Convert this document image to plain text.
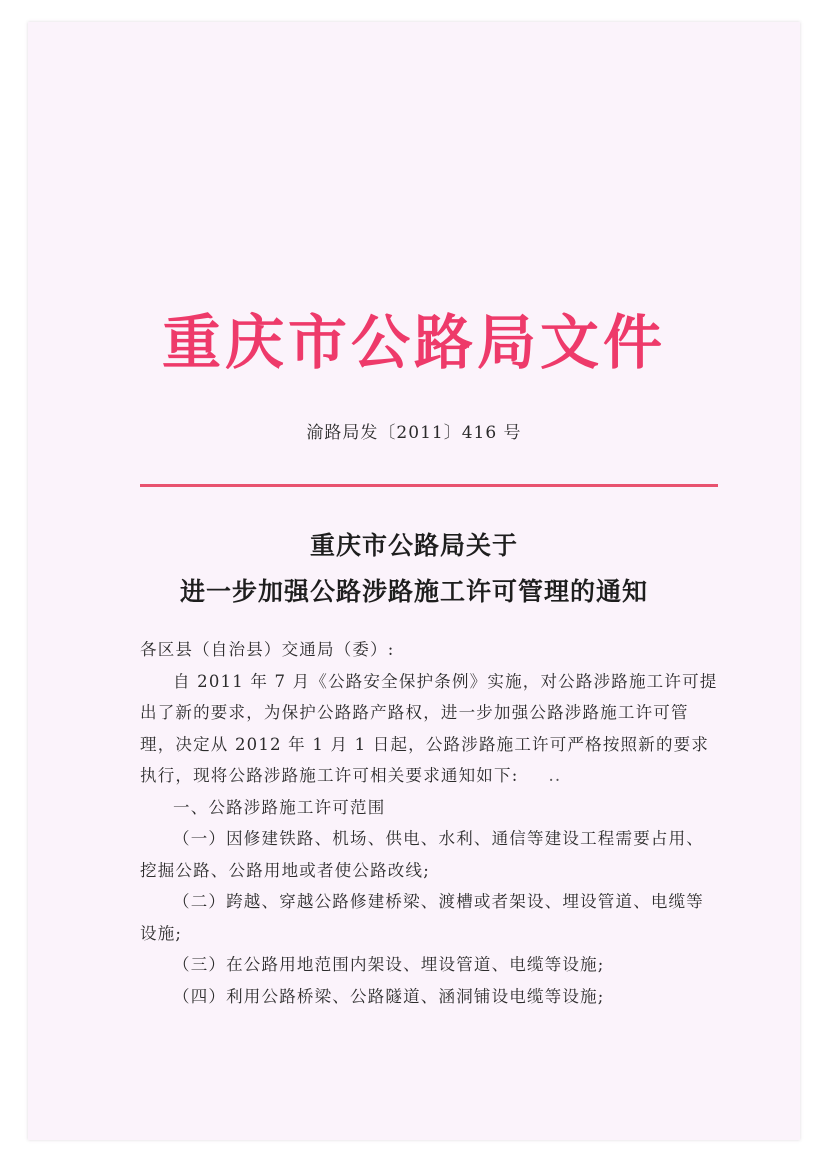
重庆市公路局文件
渝路局发〔2011〕416 号
重庆市公路局关于
进一步加强公路涉路施工许可管理的通知

各区县（自治县）交通局（委）:

自 2011 年 7 月《公路安全保护条例》实施，对公路涉路施工许可提出了新的要求，为保护公路路产路权，进一步加强公路涉路施工许可管理，决定从 2012 年 1 月 1 日起，公路涉路施工许可严格按照新的要求执行，现将公路涉路施工许可相关要求通知如下: ..

一、公路涉路施工许可范围

（一）因修建铁路、机场、供电、水利、通信等建设工程需要占用、挖掘公路、公路用地或者使公路改线;

（二）跨越、穿越公路修建桥梁、渡槽或者架设、埋设管道、电缆等设施;

（三）在公路用地范围内架设、埋设管道、电缆等设施;

（四）利用公路桥梁、公路隧道、涵洞铺设电缆等设施;
